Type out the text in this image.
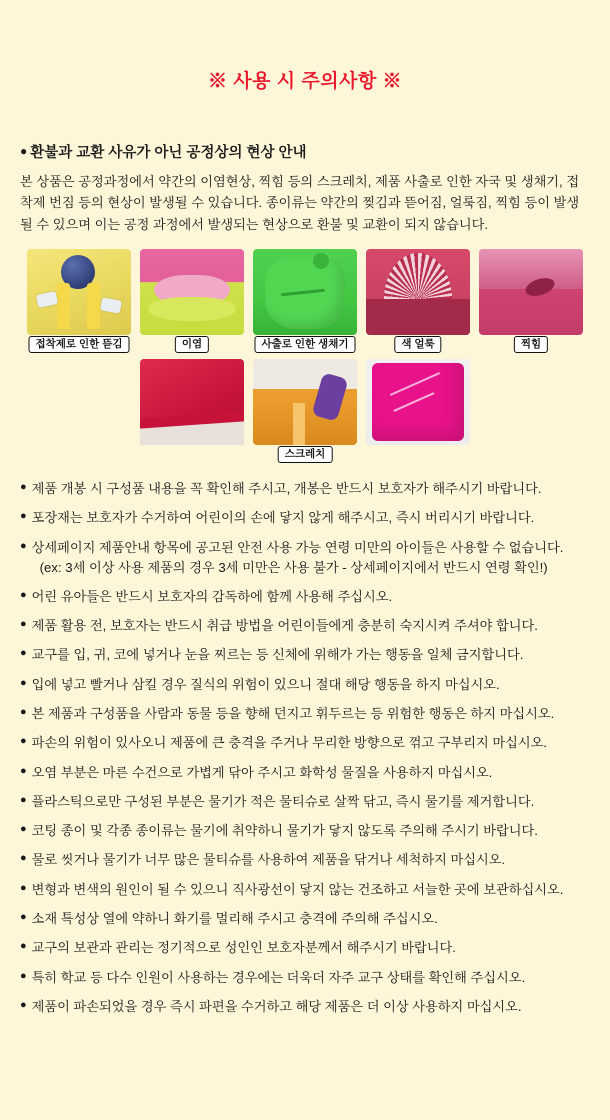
※ 사용 시 주의사항 ※
● 환불과 교환 사유가 아닌 공정상의 현상 안내
본 상품은 공정과정에서 약간의 이염현상, 찍힘 등의 스크레치, 제품 사출로 인한 자국 및 생채기, 접착제 번짐 등의 현상이 발생될 수 있습니다. 종이류는 약간의 찢김과 뜯어짐, 얼룩짐, 찍힘 등이 발생 될 수 있으며 이는 공정 과정에서 발생되는 현상으로 환불 및 교환이 되지 않습니다.
접착제로 인한 뜯김	이염	사출로 인한 생채기	색 얼룩	찍힘
스크레치
● 제품 개봉 시 구성품 내용을 꼭 확인해 주시고, 개봉은 반드시 보호자가 해주시기 바랍니다.
● 포장재는 보호자가 수거하여 어린이의 손에 닿지 않게 해주시고, 즉시 버리시기 바랍니다.
● 상세페이지 제품안내 항목에 공고된 안전 사용 가능 연령 미만의 아이들은 사용할 수 없습니다.
(ex: 3세 이상 사용 제품의 경우 3세 미만은 사용 불가 - 상세페이지에서 반드시 연령 확인!)
● 어린 유아들은 반드시 보호자의 감독하에 함께 사용해 주십시오.
● 제품 활용 전, 보호자는 반드시 취급 방법을 어린이들에게 충분히 숙지시켜 주셔야 합니다.
● 교구를 입, 귀, 코에 넣거나 눈을 찌르는 등 신체에 위해가 가는 행동을 일체 금지합니다.
● 입에 넣고 빨거나 삼킬 경우 질식의 위험이 있으니 절대 해당 행동을 하지 마십시오.
● 본 제품과 구성품을 사람과 동물 등을 향해 던지고 휘두르는 등 위험한 행동은 하지 마십시오.
● 파손의 위험이 있사오니 제품에 큰 충격을 주거나 무리한 방향으로 꺾고 구부리지 마십시오.
● 오염 부분은 마른 수건으로 가볍게 닦아 주시고 화학성 물질을 사용하지 마십시오.
● 플라스틱으로만 구성된 부분은 물기가 적은 물티슈로 살짝 닦고, 즉시 물기를 제거합니다.
● 코팅 종이 및 각종 종이류는 물기에 취약하니 물기가 닿지 않도록 주의해 주시기 바랍니다.
● 물로 씻거나 물기가 너무 많은 물티슈를 사용하여 제품을 닦거나 세척하지 마십시오.
● 변형과 변색의 원인이 될 수 있으니 직사광선이 닿지 않는 건조하고 서늘한 곳에 보관하십시오.
● 소재 특성상 열에 약하니 화기를 멀리해 주시고 충격에 주의해 주십시오.
● 교구의 보관과 관리는 정기적으로 성인인 보호자분께서 해주시기 바랍니다.
● 특히 학교 등 다수 인원이 사용하는 경우에는 더욱더 자주 교구 상태를 확인해 주십시오.
● 제품이 파손되었을 경우 즉시 파편을 수거하고 해당 제품은 더 이상 사용하지 마십시오.
